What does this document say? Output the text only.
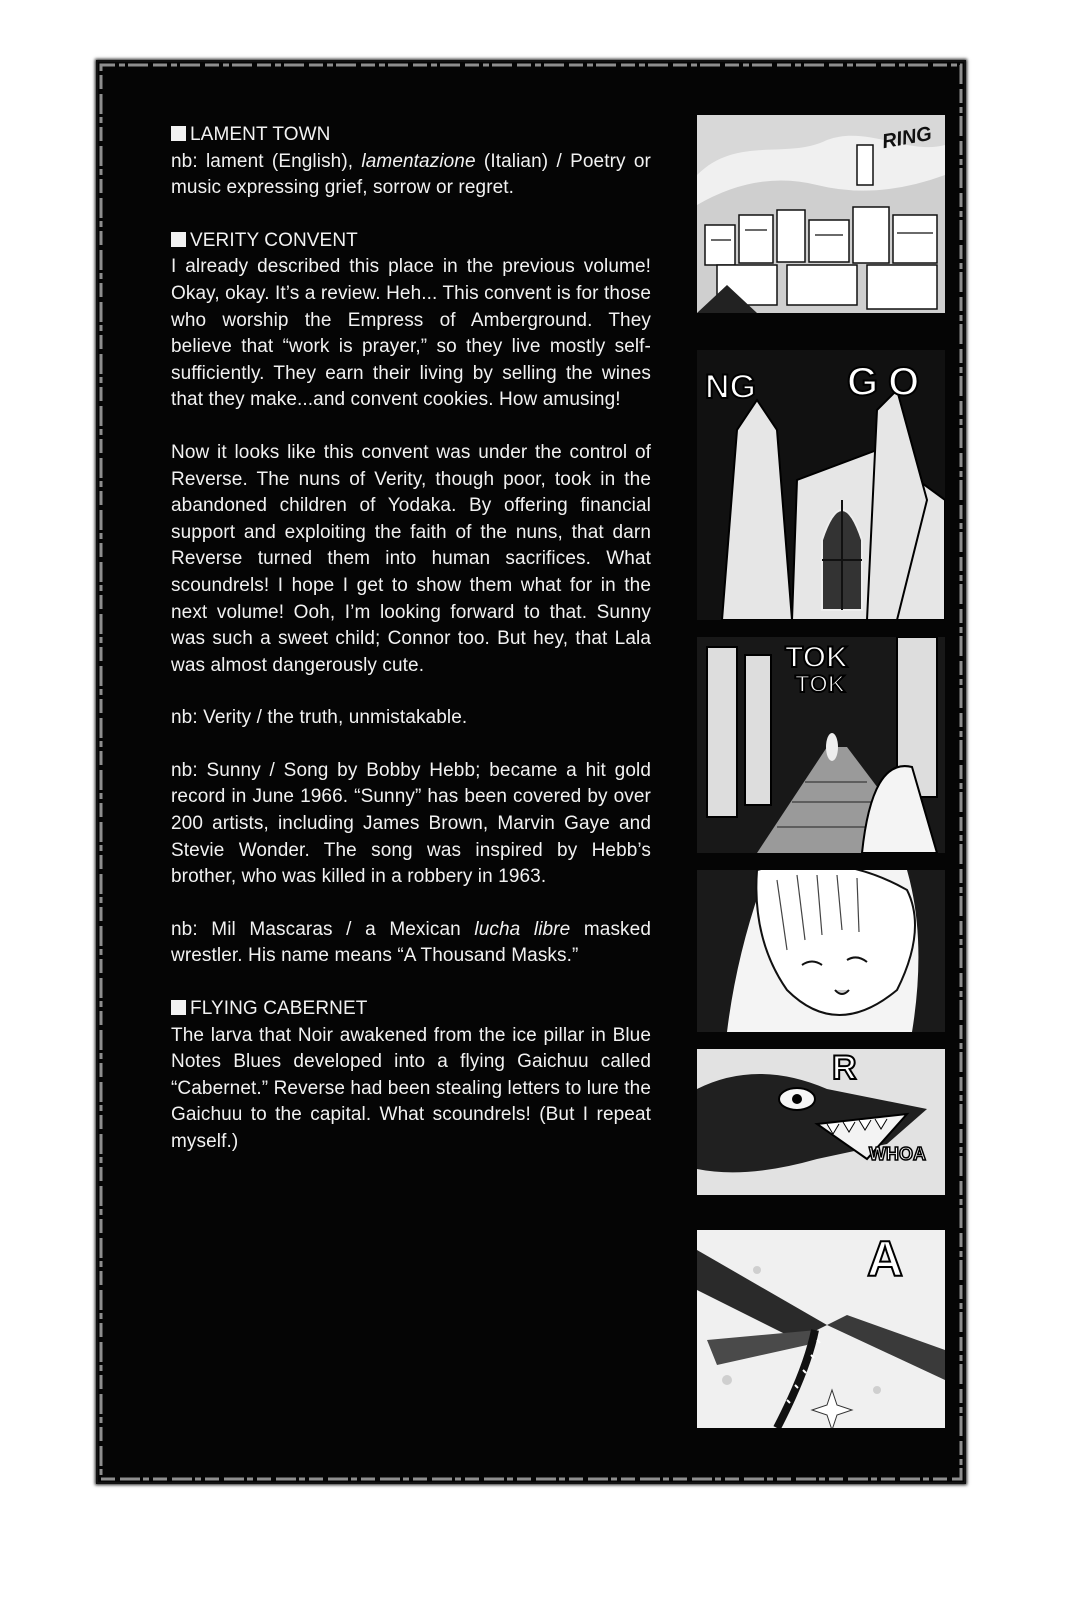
LAMENT TOWN

nb: lament (English), lamentazione (Italian) / Poetry or music expressing grief, sorrow or regret.

VERITY CONVENT

I already described this place in the previous volume! Okay, okay. It’s a review. Heh... This convent is for those who worship the Empress of Amberground. They believe that “work is prayer,” so they live mostly self-sufficiently. They earn their living by selling the wines that they make...and convent cookies. How amusing!

Now it looks like this convent was under the control of Reverse. The nuns of Verity, though poor, took in the abandoned children of Yodaka. By offering financial support and exploiting the faith of the nuns, that darn Reverse turned them into human sacrifices. What scoundrels! I hope I get to show them what for in the next volume! Ooh, I’m looking forward to that. Sunny was such a sweet child; Connor too. But hey, that Lala was almost dangerously cute.

nb: Verity / the truth, unmistakable.

nb: Sunny / Song by Bobby Hebb; became a hit gold record in June 1966. “Sunny” has been covered by over 200 artists, including James Brown, Marvin Gaye and Stevie Wonder. The song was inspired by Hebb’s brother, who was killed in a robbery in 1963.

nb: Mil Mascaras / a Mexican lucha libre masked wrestler. His name means “A Thousand Masks.”

FLYING CABERNET

The larva that Noir awakened from the ice pillar in Blue Notes Blues developed into a flying Gaichuu called “Cabernet.” Reverse had been stealing letters to lure the Gaichuu to the capital. What scoundrels! (But I repeat myself.)

RING
NG GO
TOK
TOK
R
WHOA
A
